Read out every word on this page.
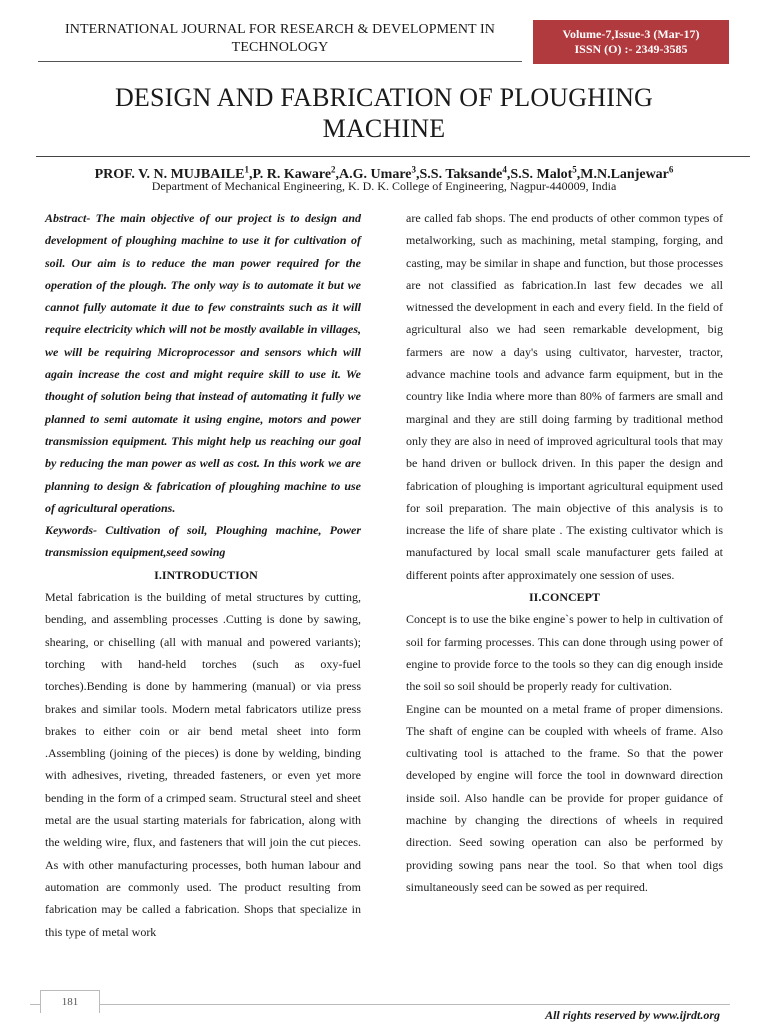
INTERNATIONAL JOURNAL FOR RESEARCH & DEVELOPMENT IN
TECHNOLOGY
Volume-7,Issue-3 (Mar-17)
ISSN (O) :- 2349-3585
DESIGN AND FABRICATION OF PLOUGHING
MACHINE
PROF. V. N. MUJBAILE$^1$,P. R. Kaware$^2$,A.G. Umare$^3$,S.S. Taksande$^4$,S.S. Malot$^5$,M.N.Lanjewar$^6$
Department of Mechanical Engineering, K. D. K. College of Engineering, Nagpur-440009, India

Abstract- The main objective of our project is to design and development of ploughing machine to use it for cultivation of soil. Our aim is to reduce the man power required for the operation of the plough. The only way is to automate it but we cannot fully automate it due to few constraints such as it will require electricity which will not be mostly available in villages, we will be requiring Microprocessor and sensors which will again increase the cost and might require skill to use it. We thought of solution being that instead of automating it fully we planned to semi automate it using engine, motors and power transmission equipment. This might help us reaching our goal by reducing the man power as well as cost. In this work we are planning to design & fabrication of ploughing machine to use of agricultural operations.

Keywords- Cultivation of soil, Ploughing machine, Power transmission equipment,seed sowing

I.INTRODUCTION

Metal fabrication is the building of metal structures by cutting, bending, and assembling processes .Cutting is done by sawing, shearing, or chiselling (all with manual and powered variants); torching with hand-held torches (such as oxy-fuel torches).Bending is done by hammering (manual) or via press brakes and similar tools. Modern metal fabricators utilize press brakes to either coin or air bend metal sheet into form .Assembling (joining of the pieces) is done by welding, binding with adhesives, riveting, threaded fasteners, or even yet more bending in the form of a crimped seam. Structural steel and sheet metal are the usual starting materials for fabrication, along with the welding wire, flux, and fasteners that will join the cut pieces. As with other manufacturing processes, both human labour and automation are commonly used. The product resulting from fabrication may be called a fabrication. Shops that specialize in this type of metal work

are called fab shops. The end products of other common types of metalworking, such as machining, metal stamping, forging, and casting, may be similar in shape and function, but those processes are not classified as fabrication.In last few decades we all witnessed the development in each and every field. In the field of agricultural also we had seen remarkable development, big farmers are now a day's using cultivator, harvester, tractor, advance machine tools and advance farm equipment, but in the country like India where more than 80% of farmers are small and marginal and they are still doing farming by traditional method only they are also in need of improved agricultural tools that may be hand driven or bullock driven. In this paper the design and fabrication of ploughing is important agricultural equipment used for soil preparation. The main objective of this analysis is to increase the life of share plate . The existing cultivator which is manufactured by local small scale manufacturer gets failed at different points after approximately one session of uses.

II.CONCEPT

Concept is to use the bike engine`s power to help in cultivation of soil for farming processes. This can done through using power of engine to provide force to the tools so they can dig enough inside the soil so soil should be properly ready for cultivation.

Engine can be mounted on a metal frame of proper dimensions. The shaft of engine can be coupled with wheels of frame. Also cultivating tool is attached to the frame. So that the power developed by engine will force the tool in downward direction inside soil. Also handle can be provide for proper guidance of machine by changing the directions of wheels in required direction. Seed sowing operation can also be performed by providing sowing pans near the tool. So that when tool digs simultaneously seed can be sowed as per required.

181
All rights reserved by www.ijrdt.org
